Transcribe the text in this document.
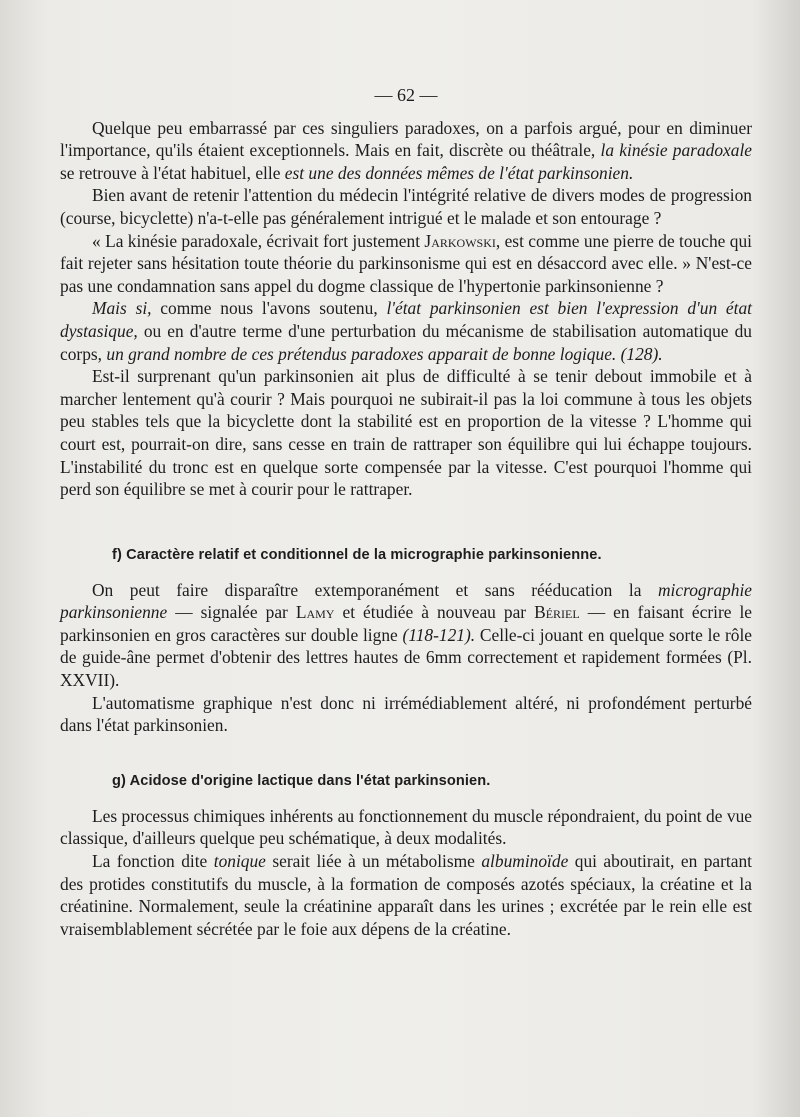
— 62 —

Quelque peu embarrassé par ces singuliers paradoxes, on a parfois argué, pour en diminuer l'importance, qu'ils étaient exceptionnels. Mais en fait, discrète ou théâtrale, la kinésie paradoxale se retrouve à l'état habituel, elle est une des données mêmes de l'état parkinsonien.

Bien avant de retenir l'attention du médecin l'intégrité relative de divers modes de progression (course, bicyclette) n'a-t-elle pas généralement intrigué et le malade et son entourage ?

« La kinésie paradoxale, écrivait fort justement Jarkowski, est comme une pierre de touche qui fait rejeter sans hésitation toute théorie du parkinsonisme qui est en désaccord avec elle. » N'est-ce pas une condamnation sans appel du dogme classique de l'hypertonie parkinsonienne ?

Mais si, comme nous l'avons soutenu, l'état parkinsonien est bien l'expression d'un état dystasique, ou en d'autre terme d'une perturbation du mécanisme de stabilisation automatique du corps, un grand nombre de ces prétendus paradoxes apparait de bonne logique. (128).

Est-il surprenant qu'un parkinsonien ait plus de difficulté à se tenir debout immobile et à marcher lentement qu'à courir ? Mais pourquoi ne subirait-il pas la loi commune à tous les objets peu stables tels que la bicyclette dont la stabilité est en proportion de la vitesse ? L'homme qui court est, pourrait-on dire, sans cesse en train de rattraper son équilibre qui lui échappe toujours. L'instabilité du tronc est en quelque sorte compensée par la vitesse. C'est pourquoi l'homme qui perd son équilibre se met à courir pour le rattraper.

f) Caractère relatif et conditionnel de la micrographie parkinsonienne.

On peut faire disparaître extemporanément et sans rééducation la micrographie parkinsonienne — signalée par Lamy et étudiée à nouveau par Bériel — en faisant écrire le parkinsonien en gros caractères sur double ligne (118-121). Celle-ci jouant en quelque sorte le rôle de guide-âne permet d'obtenir des lettres hautes de 6mm correctement et rapidement formées (Pl. XXVII).

L'automatisme graphique n'est donc ni irrémédiablement altéré, ni profondément perturbé dans l'état parkinsonien.

g) Acidose d'origine lactique dans l'état parkinsonien.

Les processus chimiques inhérents au fonctionnement du muscle répondraient, du point de vue classique, d'ailleurs quelque peu schématique, à deux modalités.

La fonction dite tonique serait liée à un métabolisme albuminoïde qui aboutirait, en partant des protides constitutifs du muscle, à la formation de composés azotés spéciaux, la créatine et la créatinine. Normalement, seule la créatinine apparaît dans les urines ; excrétée par le rein elle est vraisemblablement sécrétée par le foie aux dépens de la créatine.
